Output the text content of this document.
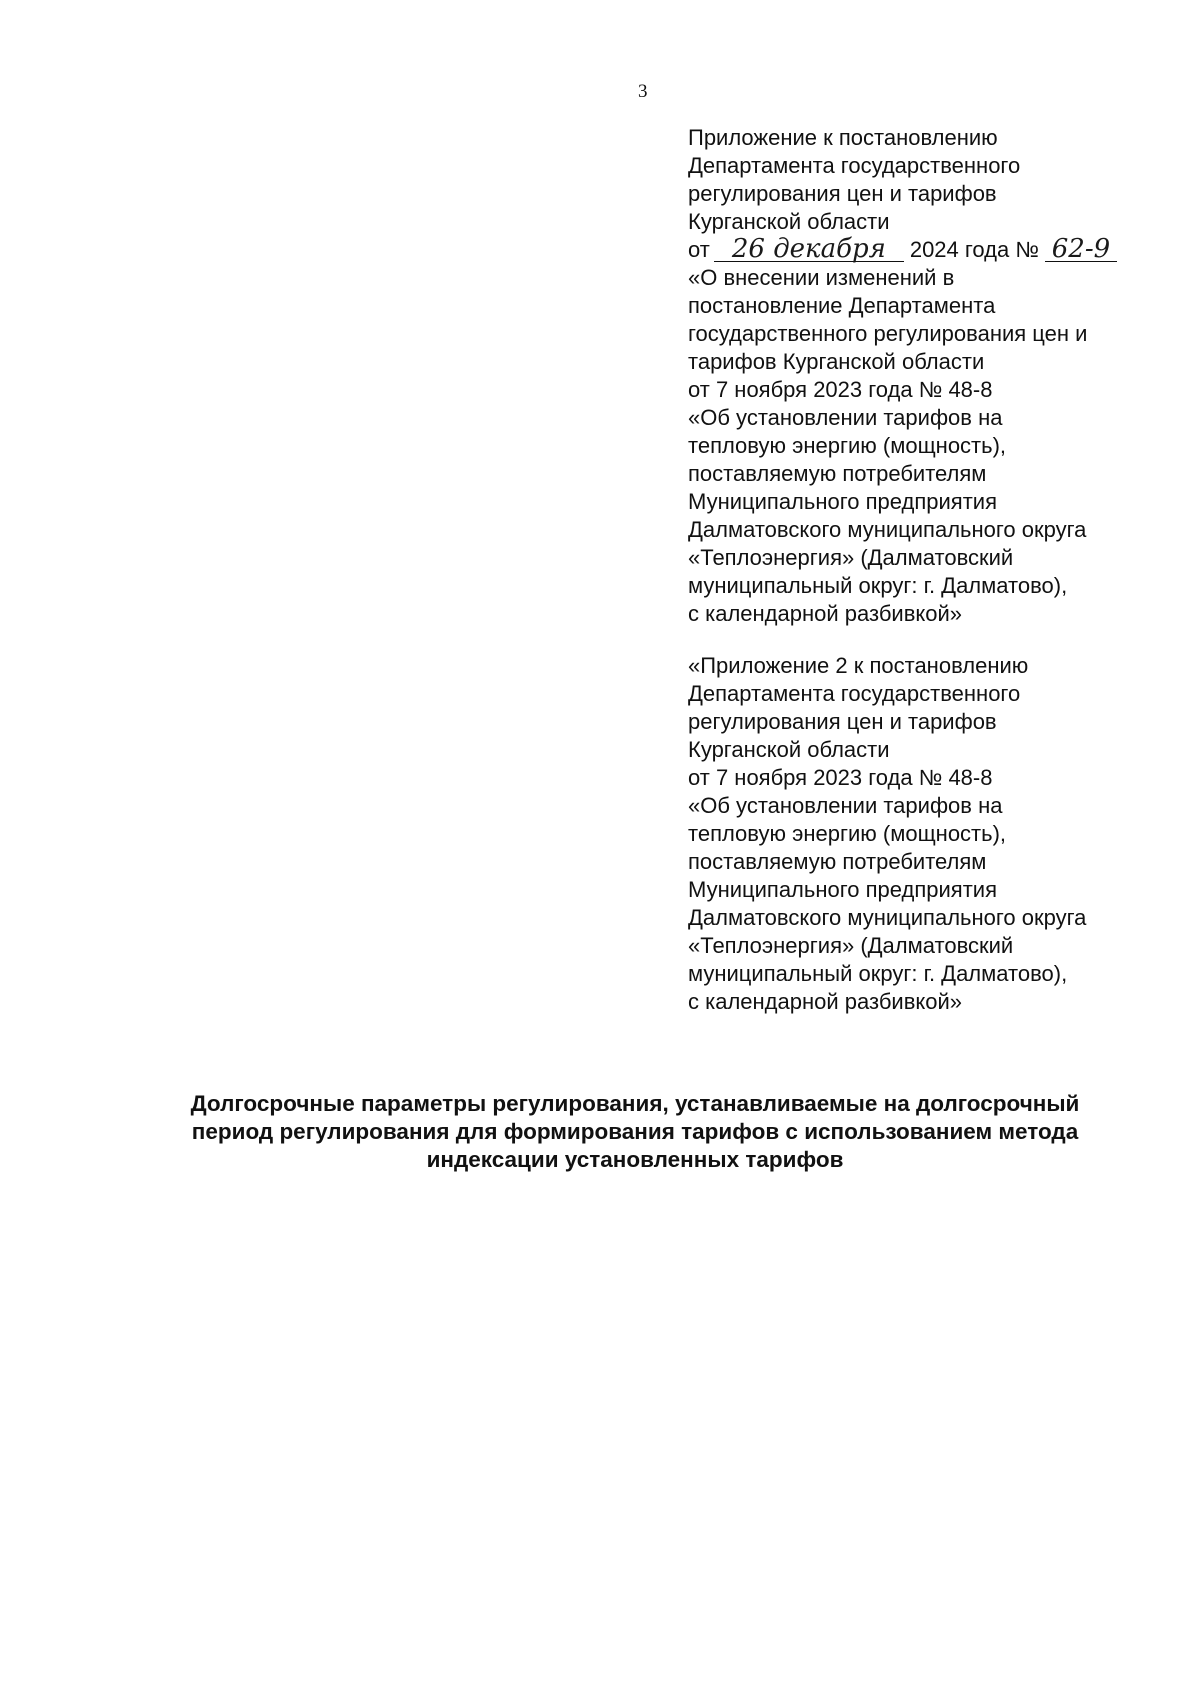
3
Приложение к постановлению
Департамента государственного
регулирования цен и тарифов
Курганской области
от 26 декабря 2024 года № 62-9
«О внесении изменений в
постановление Департамента
государственного регулирования цен и
тарифов Курганской области
от 7 ноября 2023 года № 48-8
«Об установлении тарифов на
тепловую энергию (мощность),
поставляемую потребителям
Муниципального предприятия
Далматовского муниципального округа
«Теплоэнергия» (Далматовский
муниципальный округ: г. Далматово),
с календарной разбивкой»
«Приложение 2 к постановлению
Департамента государственного
регулирования цен и тарифов
Курганской области
от 7 ноября 2023 года № 48-8
«Об установлении тарифов на
тепловую энергию (мощность),
поставляемую потребителям
Муниципального предприятия
Далматовского муниципального округа
«Теплоэнергия» (Далматовский
муниципальный округ: г. Далматово),
с календарной разбивкой»
Долгосрочные параметры регулирования, устанавливаемые на долгосрочный
период регулирования для формирования тарифов с использованием метода
индексации установленных тарифов
